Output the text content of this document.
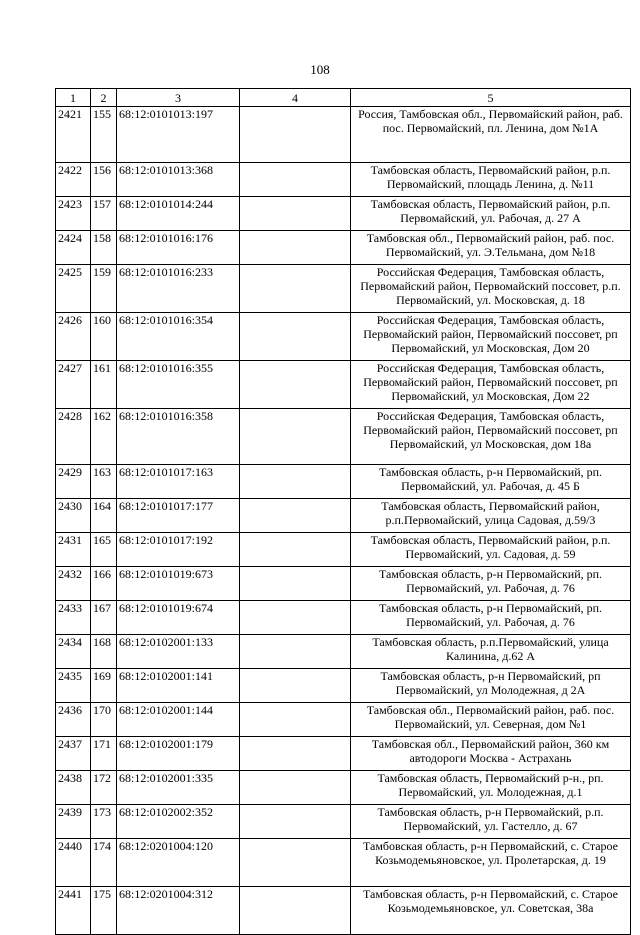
108
1	2	3	4	5
2421	155	68:12:0101013:197		Россия, Тамбовская обл., Первомайский район, раб. пос. Первомайский, пл. Ленина, дом №1А
2422	156	68:12:0101013:368		Тамбовская область, Первомайский район, р.п. Первомайский, площадь Ленина, д. №11
2423	157	68:12:0101014:244		Тамбовская область, Первомайский район, р.п. Первомайский, ул. Рабочая, д. 27 А
2424	158	68:12:0101016:176		Тамбовская обл., Первомайский район, раб. пос. Первомайский, ул. Э.Тельмана, дом №18
2425	159	68:12:0101016:233		Российская Федерация, Тамбовская область, Первомайский район, Первомайский поссовет, р.п. Первомайский, ул. Московская, д. 18
2426	160	68:12:0101016:354		Российская Федерация, Тамбовская область, Первомайский район, Первомайский поссовет, рп Первомайский, ул Московская, Дом 20
2427	161	68:12:0101016:355		Российская Федерация, Тамбовская область, Первомайский район, Первомайский поссовет, рп Первомайский, ул Московская, Дом 22
2428	162	68:12:0101016:358		Российская Федерация, Тамбовская область, Первомайский район, Первомайский поссовет, рп Первомайский, ул Московская, дом 18а
2429	163	68:12:0101017:163		Тамбовская область, р-н Первомайский, рп. Первомайский, ул. Рабочая, д. 45 Б
2430	164	68:12:0101017:177		Тамбовская область, Первомайский район, р.п.Первомайский, улица Садовая, д.59/3
2431	165	68:12:0101017:192		Тамбовская область, Первомайский район, р.п. Первомайский, ул. Садовая, д. 59
2432	166	68:12:0101019:673		Тамбовская область, р-н Первомайский, рп. Первомайский, ул. Рабочая, д. 76
2433	167	68:12:0101019:674		Тамбовская область, р-н Первомайский, рп. Первомайский, ул. Рабочая, д. 76
2434	168	68:12:0102001:133		Тамбовская область, р.п.Первомайский, улица Калинина, д.62 А
2435	169	68:12:0102001:141		Тамбовская область, р-н Первомайский, рп Первомайский, ул Молодежная, д 2А
2436	170	68:12:0102001:144		Тамбовская обл., Первомайский район, раб. пос. Первомайский, ул. Северная, дом №1
2437	171	68:12:0102001:179		Тамбовская обл., Первомайский район, 360 км автодороги Москва - Астрахань
2438	172	68:12:0102001:335		Тамбовская область, Первомайский р-н., рп. Первомайский, ул. Молодежная, д.1
2439	173	68:12:0102002:352		Тамбовская область, р-н Первомайский, р.п. Первомайский, ул. Гастелло, д. 67
2440	174	68:12:0201004:120		Тамбовская область, р-н Первомайский, с. Старое Козьмодемьяновское, ул. Пролетарская, д. 19
2441	175	68:12:0201004:312		Тамбовская область, р-н Первомайский, с. Старое Козьмодемьяновское, ул. Советская, 38а
